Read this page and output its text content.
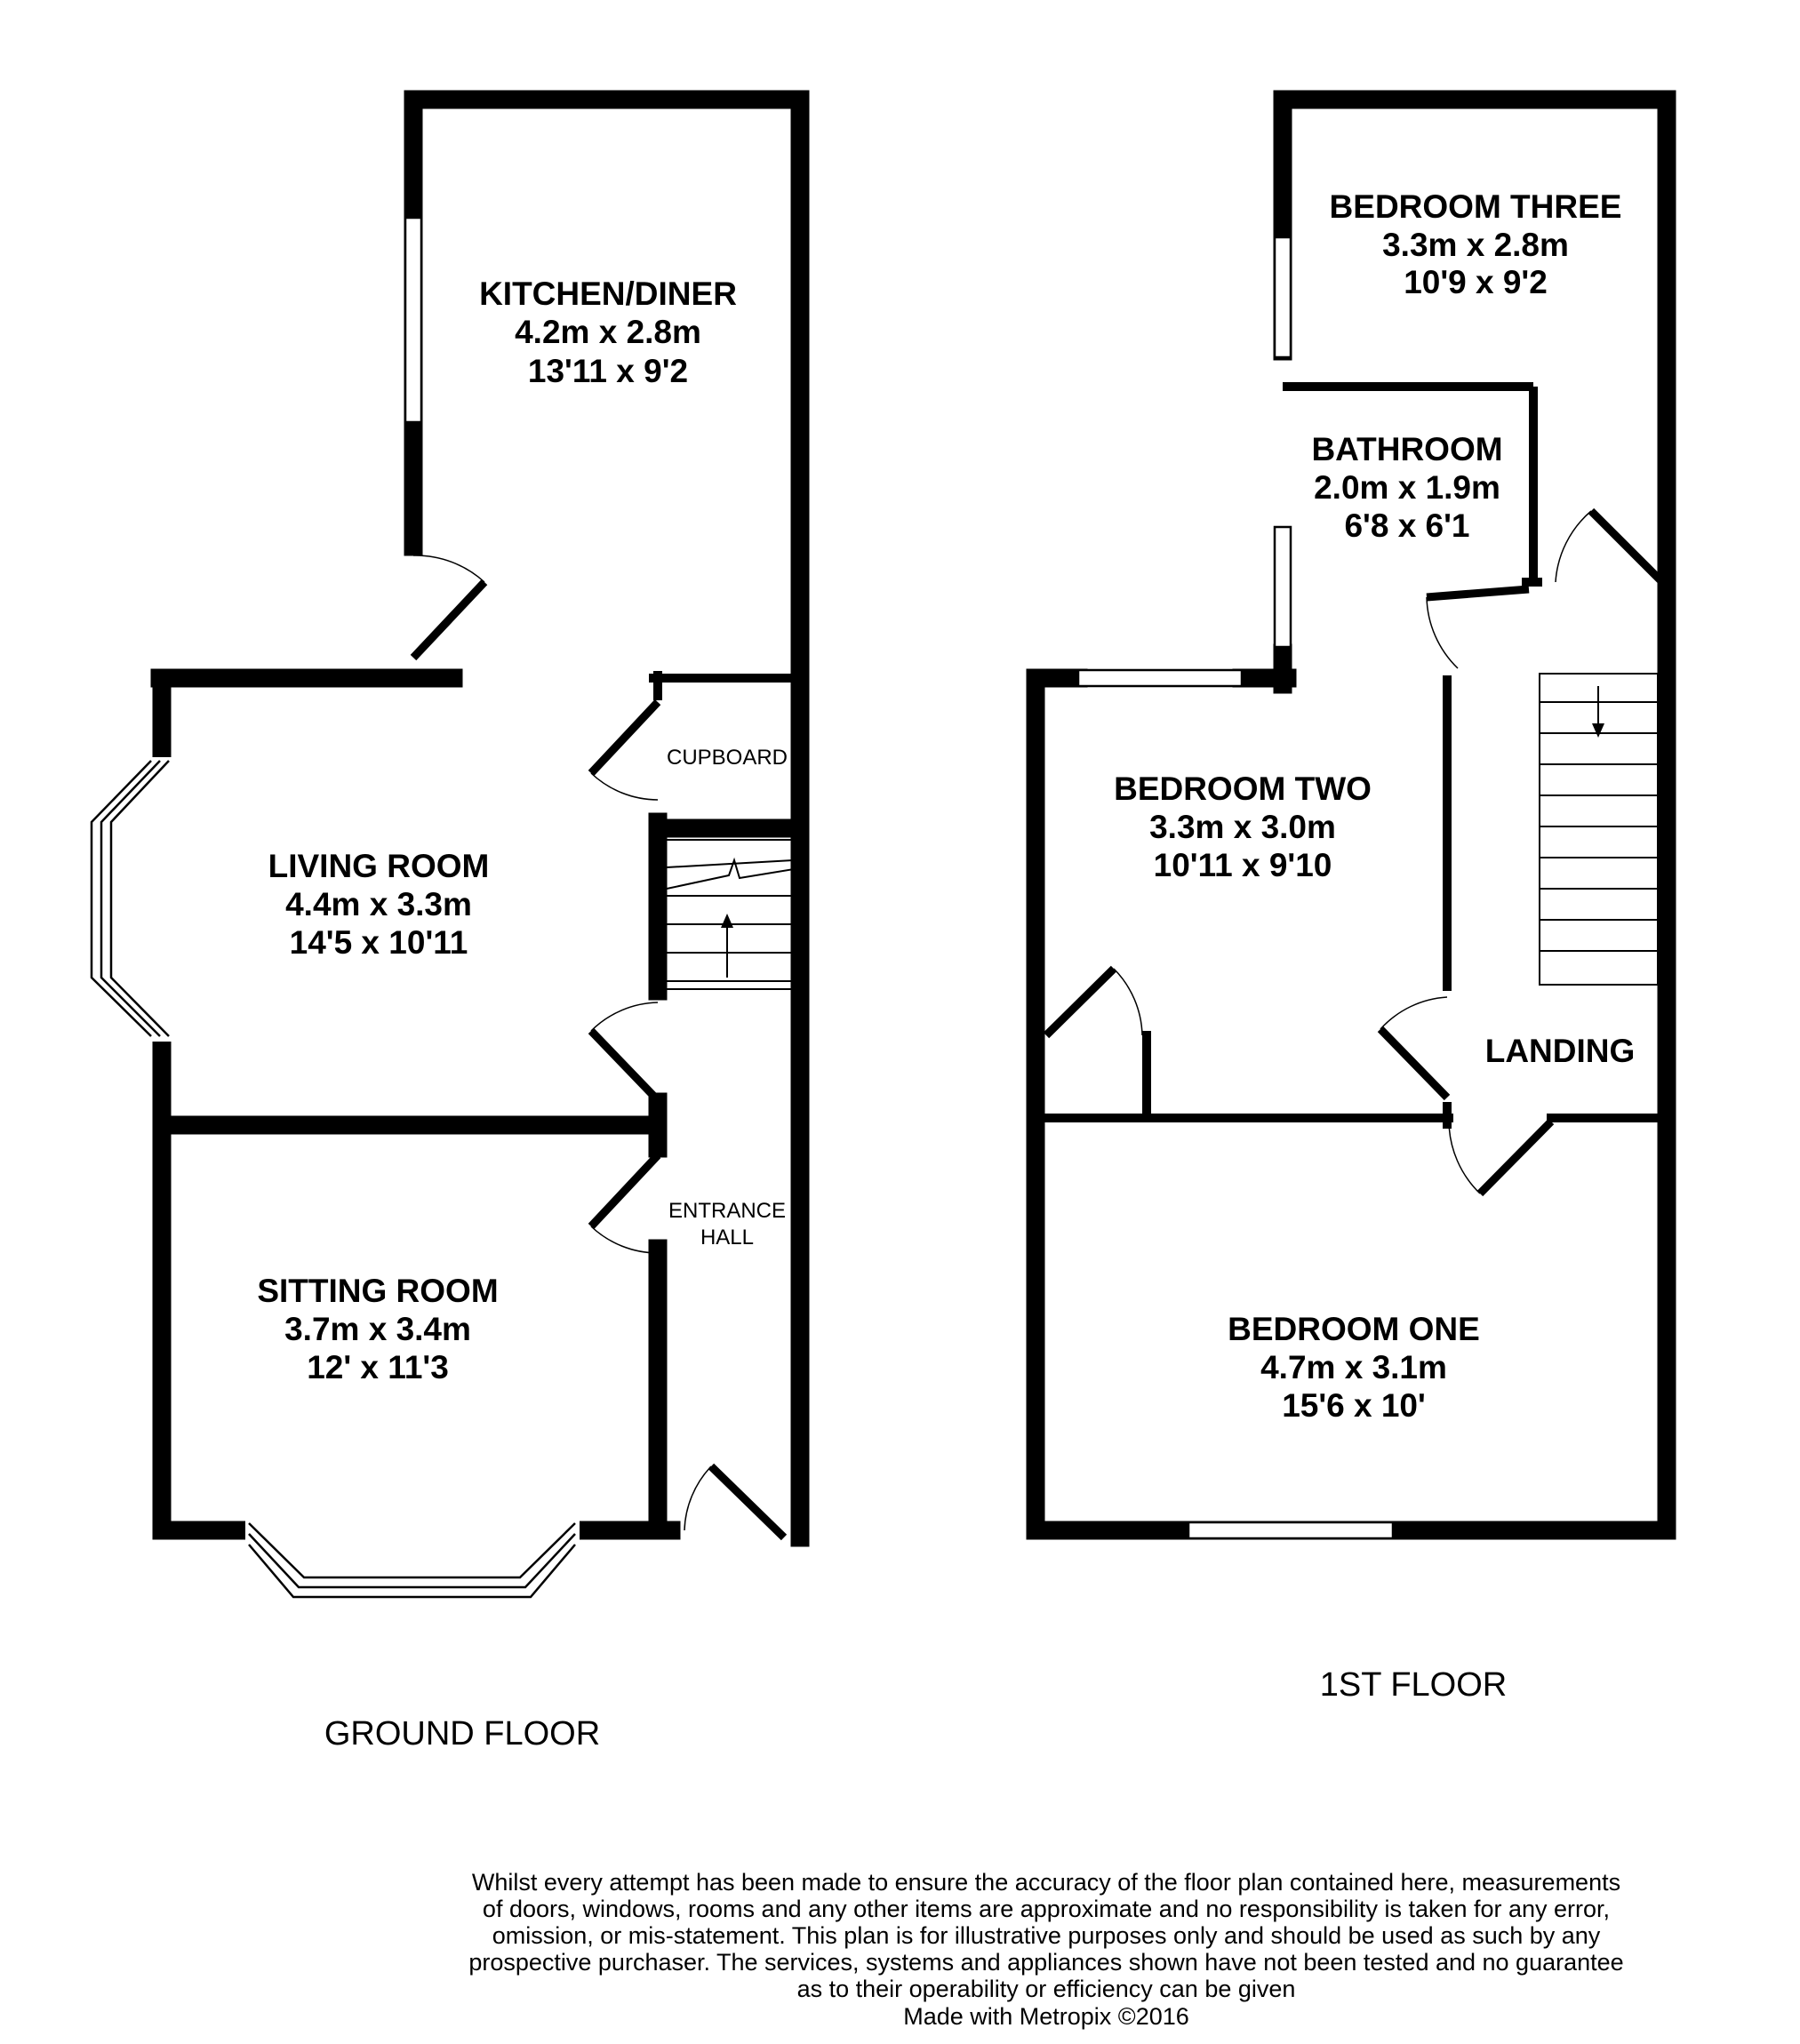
KITCHEN/DINER
4.2m x 2.8m
13'11 x 9'2
LIVING ROOM
4.4m x 3.3m
14'5 x 10'11
SITTING ROOM
3.7m x 3.4m
12' x 11'3
CUPBOARD
ENTRANCE
HALL
GROUND FLOOR
BEDROOM THREE
3.3m x 2.8m
10'9 x 9'2
BATHROOM
2.0m x 1.9m
6'8 x 6'1
BEDROOM TWO
3.3m x 3.0m
10'11 x 9'10
LANDING
BEDROOM ONE
4.7m x 3.1m
15'6 x 10'
1ST FLOOR
Whilst every attempt has been made to ensure the accuracy of the floor plan contained here, measurements
of doors, windows, rooms and any other items are approximate and no responsibility is taken for any error,
omission, or mis-statement. This plan is for illustrative purposes only and should be used as such by any
prospective purchaser. The services, systems and appliances shown have not been tested and no guarantee
as to their operability or efficiency can be given
Made with Metropix ©2016
